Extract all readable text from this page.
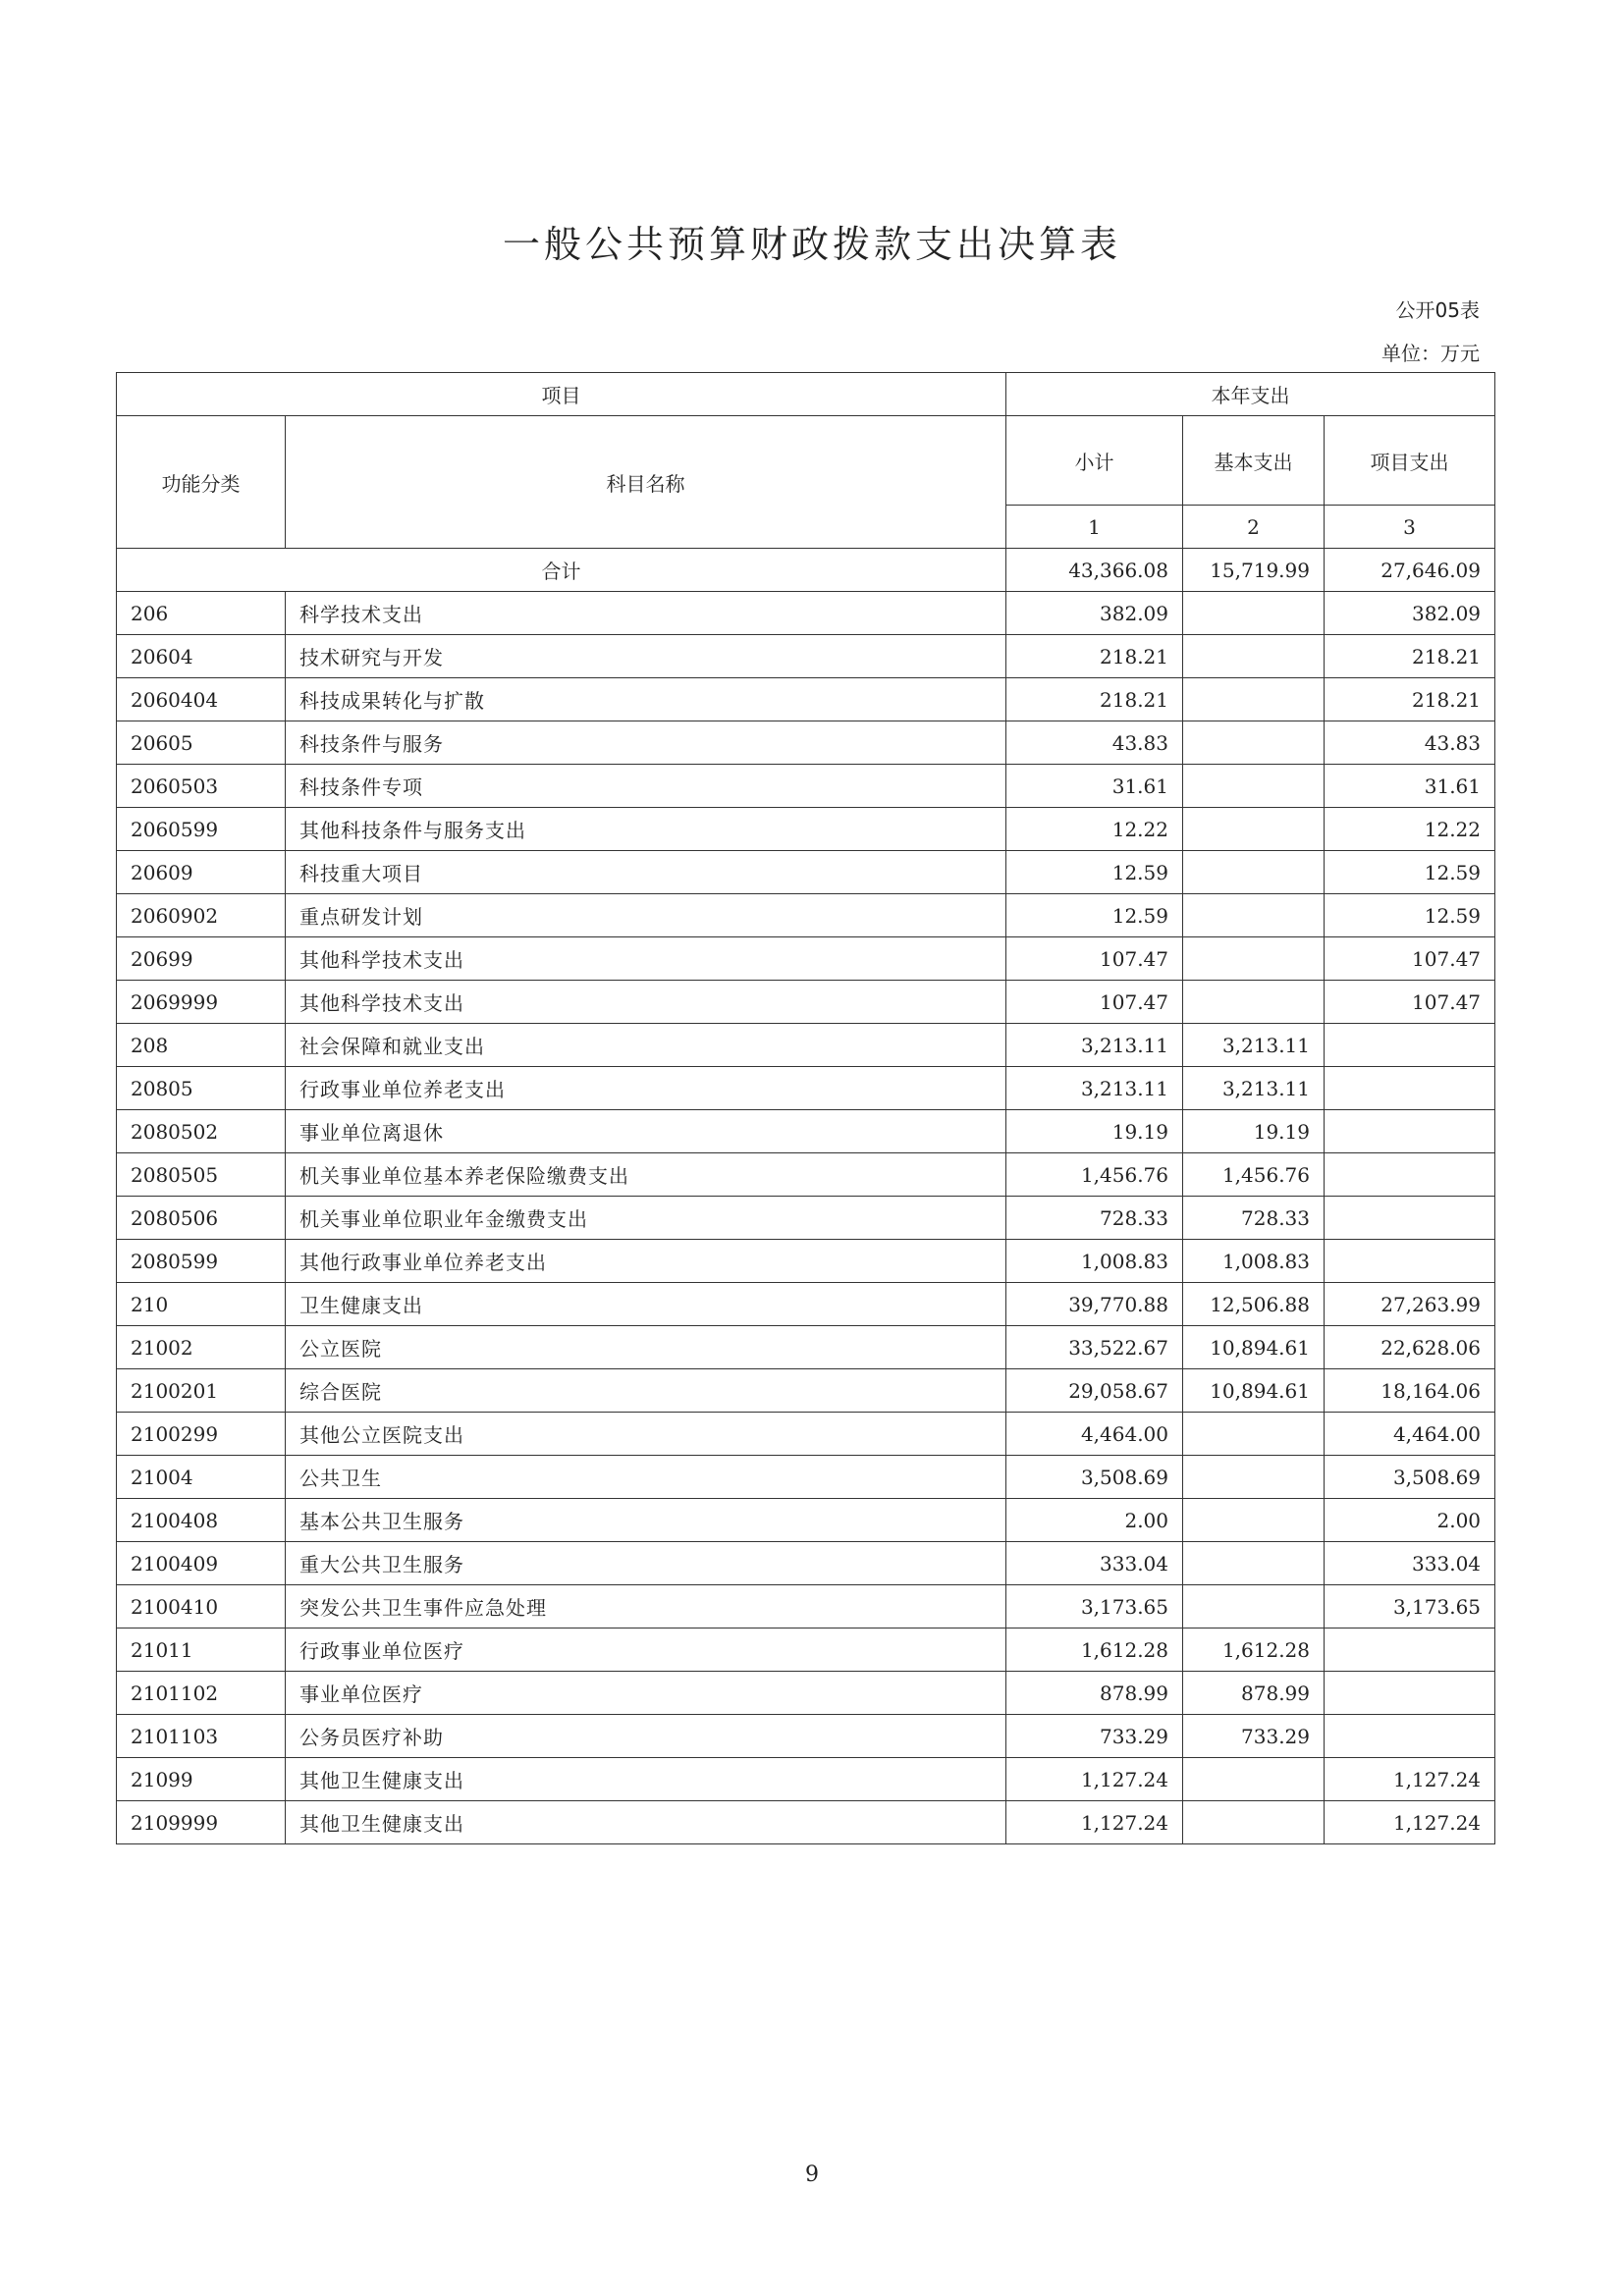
一般公共预算财政拨款支出决算表
公开05表
单位：万元
项目		本年支出		
功能分类	科目名称	小计	基本支出	项目支出
		1	2	3
合计		43,366.08	15,719.99	27,646.09
206	科学技术支出	382.09		382.09
20604	技术研究与开发	218.21		218.21
2060404	科技成果转化与扩散	218.21		218.21
20605	科技条件与服务	43.83		43.83
2060503	科技条件专项	31.61		31.61
2060599	其他科技条件与服务支出	12.22		12.22
20609	科技重大项目	12.59		12.59
2060902	重点研发计划	12.59		12.59
20699	其他科学技术支出	107.47		107.47
2069999	其他科学技术支出	107.47		107.47
208	社会保障和就业支出	3,213.11	3,213.11	
20805	行政事业单位养老支出	3,213.11	3,213.11	
2080502	事业单位离退休	19.19	19.19	
2080505	机关事业单位基本养老保险缴费支出	1,456.76	1,456.76	
2080506	机关事业单位职业年金缴费支出	728.33	728.33	
2080599	其他行政事业单位养老支出	1,008.83	1,008.83	
210	卫生健康支出	39,770.88	12,506.88	27,263.99
21002	公立医院	33,522.67	10,894.61	22,628.06
2100201	综合医院	29,058.67	10,894.61	18,164.06
2100299	其他公立医院支出	4,464.00		4,464.00
21004	公共卫生	3,508.69		3,508.69
2100408	基本公共卫生服务	2.00		2.00
2100409	重大公共卫生服务	333.04		333.04
2100410	突发公共卫生事件应急处理	3,173.65		3,173.65
21011	行政事业单位医疗	1,612.28	1,612.28	
2101102	事业单位医疗	878.99	878.99	
2101103	公务员医疗补助	733.29	733.29	
21099	其他卫生健康支出	1,127.24		1,127.24
2109999	其他卫生健康支出	1,127.24		1,127.24
9
